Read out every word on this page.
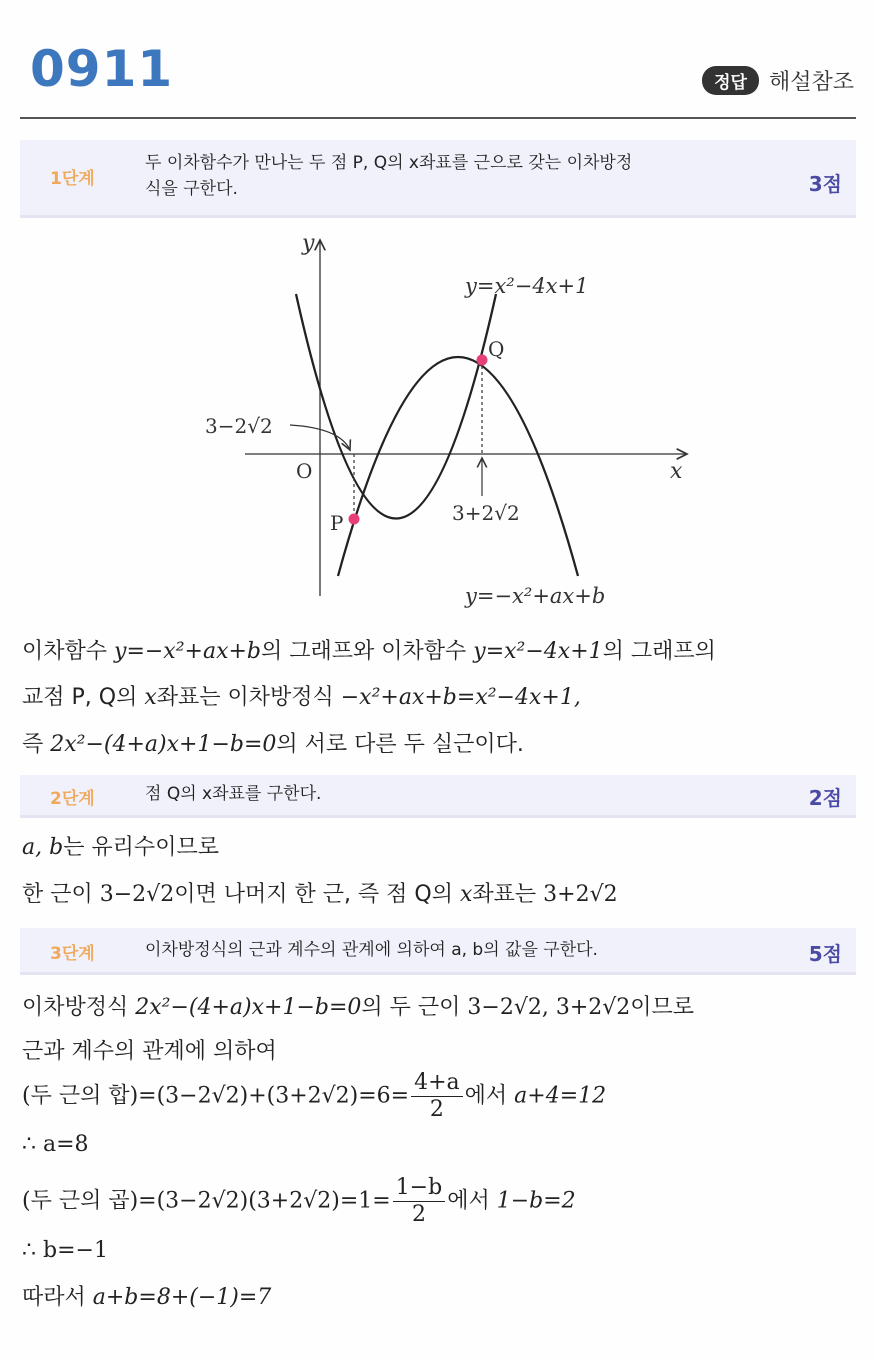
0911	정답	해설참조
1단계
두 이차함수가 만나는 두 점 P, Q의 x좌표를 근으로 갖는 이차방정
식을 구한다.	3점
y
x
O
3−2√2
3+2√2
P
Q
y=x²−4x+1
y=−x²+ax+b
이차함수 y=−x²+ax+b의 그래프와 이차함수 y=x²−4x+1의 그래프의
교점 P, Q의 x좌표는 이차방정식 −x²+ax+b=x²−4x+1,
즉 2x²−(4+a)x+1−b=0의 서로 다른 두 실근이다.
2단계	점 Q의 x좌표를 구한다.	2점
a, b는 유리수이므로
한 근이 3−2√2이면 나머지 한 근, 즉 점 Q의 x좌표는 3+2√2
3단계	이차방정식의 근과 계수의 관계에 의하여 a, b의 값을 구한다.	5점
이차방정식 2x²−(4+a)x+1−b=0의 두 근이 3−2√2, 3+2√2이므로
근과 계수의 관계에 의하여
(두 근의 합)$=(3-2√2)+(3+2√2)=6= \frac{4+a}{2}$ 에서 a+4=12
∴ a=8
(두 근의 곱)$=(3-2√2)(3+2√2)=1= \frac{1-b}{2}$ 에서 1−b=2
∴ b=−1
따라서 a+b=8+(−1)=7
